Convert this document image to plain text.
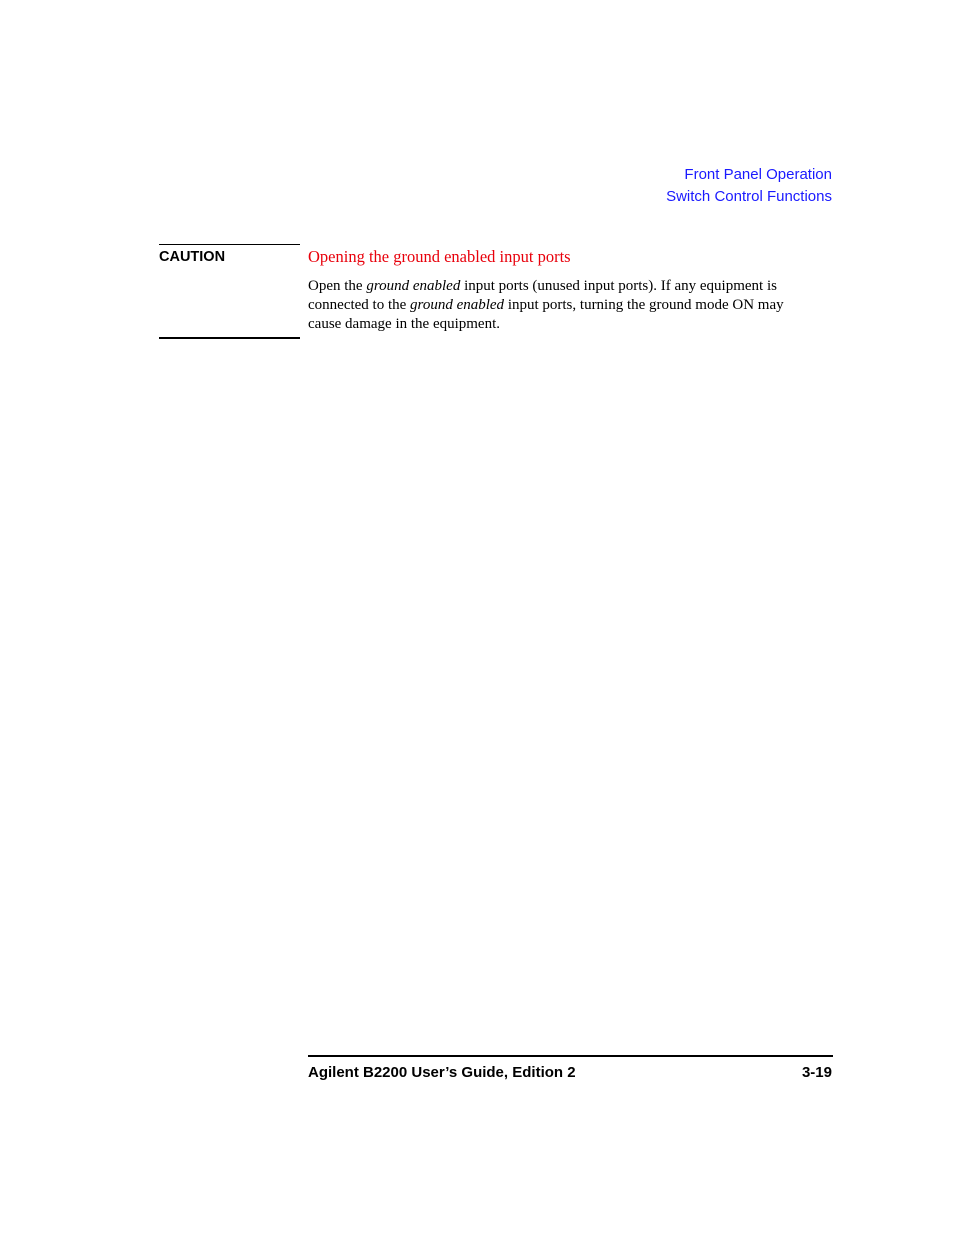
Front Panel Operation
Switch Control Functions
CAUTION	Opening the ground enabled input ports

Open the ground enabled input ports (unused input ports). If any equipment is connected to the ground enabled input ports, turning the ground mode ON may cause damage in the equipment.

Agilent B2200 User’s Guide, Edition 2	3-19
